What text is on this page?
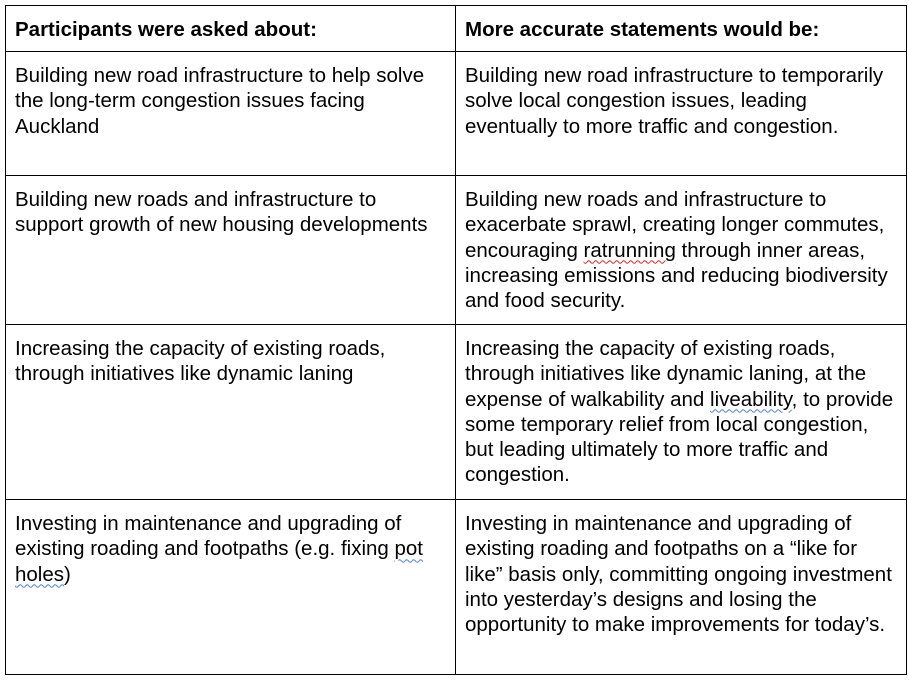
Participants were asked about:	More accurate statements would be:
Building new road infrastructure to help solve the long-term congestion issues facing Auckland	Building new road infrastructure to temporarily solve local congestion issues, leading eventually to more traffic and congestion.
Building new roads and infrastructure to support growth of new housing developments	Building new roads and infrastructure to exacerbate sprawl, creating longer commutes, encouraging ratrunning through inner areas, increasing emissions and reducing biodiversity and food security.
Increasing the capacity of existing roads, through initiatives like dynamic laning	Increasing the capacity of existing roads, through initiatives like dynamic laning, at the expense of walkability and liveability, to provide some temporary relief from local congestion, but leading ultimately to more traffic and congestion.
Investing in maintenance and upgrading of existing roading and footpaths (e.g. fixing pot holes)	Investing in maintenance and upgrading of existing roading and footpaths on a “like for like” basis only, committing ongoing investment into yesterday’s designs and losing the opportunity to make improvements for today’s.
